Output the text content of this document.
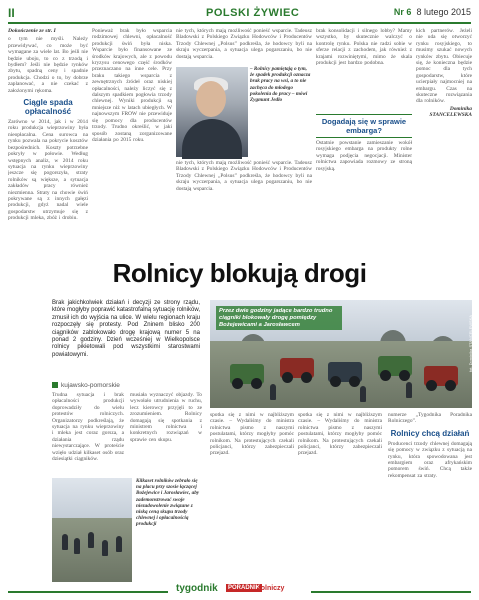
II	POLSKI ŻYWIEC	Nr 6 8 lutego 2015
Dokończenie ze str. I
o tym nie myśli. Należy przewidywać, co może być wymagane za wiele lat. Bo jeśli nie będzie uboju, to co z trzodą i bydłem? Jeśli nie będzie rynków zbytu, spadną ceny i spadnie produkcja. Chodzi o to, by dobrze zaplanować, a nie czekać z założonymi rękoma.
Ciągle spada opłacalność
Zarówno w 2014, jak i w 2014 roku produkcja wieprzowiny była nieopłacalna. Cena surowca na rynku pozwala na pokrycie kosztów bezpośrednich. Koszty potrzebne pokryły w połowie. Według wstępnych analiz, w 2014 roku sytuacja na rynku wieprzowiny jeszcze się pogorszyła, straty rolników są większe, a sytuacja zakładów pracy również niezmienna. Straty na chowie świń pokrywane są z innych gałęzi produkcji, gdyż nadal wiele gospodarstw utrzymuje się z produkcji mleka, zbóż i drobiu.
Ponieważ brak było wsparcia rodzimowej chlewni, opłacalność produkcji świń była niska. Wsparcie było finansowane ze środków krajowych, ale z powodu kryzysu cenowego część środków przeznaczano na inne cele. Przy braku takiego wsparcia z zewnętrznych źródeł oraz niskiej opłacalności, należy liczyć się z dalszym spadkiem pogłowia trzody chlewnej. Wyniki produkcji są mniejsze niż w latach ubiegłych. W najnowszym FROW nie przewiduje się pomocy dla producentów trzody. Trudno określić, w jaki sposób zostaną zorganizowane działania po 2015 roku.
nie tych, których mają możliwość ponieść wsparcie. Tadeusz Bladowski z Polskiego Związku Hodowców i Producentów Trzody Chlewnej „Polsus” podkreśla, że hodowcy byli na skraju wyczerpania, a sytuacja ulega pogarszaniu, bo nie dostają wsparcia.
– Rolnicy pamiętają o tym, że spadek produkcji oznacza brak pracy na wsi, a to nie zachęca do młodego pokolenia do pracy – mówi Zygmunt Jedlo
nie tych, których mają możliwość ponieść wsparcie. Tadeusz Bladowski z Polskiego Związku Hodowców i Producentów Trzody Chlewnej „Polsus” podkreśla, że hodowcy byli na skraju wyczerpania, a sytuacja ulega pogarszaniu, bo nie dostają wsparcia.
brak konsolidacji i silnego lobby? Mamy wszystko, by skutecznie walczyć o kontrolę rynku. Polska nie radzi sobie w sferze relacji z zachodem, jak również z krajami rozwiniętymi, mimo że skala produkcji jest bardzo podobna.
Dogadają się w sprawie embarga?
Ostatnie powstanie zamieszanie wokół rosyjskiego embarga na produkty rolne wymaga podjęcia negocjacji. Minister rolnictwa zapowiada rozmowy ze stroną rosyjską.
kich partnerów. Jeżeli nie uda się otworzyć rynku rosyjskiego, to musimy szukać nowych rynków zbytu. Obiecuje się, że konieczna będzie pomoc dla tych gospodarstw, które ucierpiały najmocniej na embargu. Czas na skuteczne rozwiązania dla rolników.
Dominika STANCELEWSKA
Rolnicy blokują drogi
Brak jakichkolwiek działań i decyzji ze strony rządu, które mogłyby poprawić katastrofalną sytuację rolników, zmusił ich do wyjścia na ulice. W wielu regionach kraju rozpoczęły się protesty. Pod Zninem blisko 200 ciągników zablokowało drogę krajową numer 5 na ponad 2 godziny. Dzień wcześniej w Wielkopolsce rolnicy pikietowali pod wszystkimi starostwami powiatowymi.
kujawsko-pomorskie
Przez dwie godziny jadące bardzo trudno ciągniki blokowały drogę pomiędzy Bożejewicami a Jarosławcem	fot. Dominika STANCELEWSKA
Trudna sytuacja i brak opłacalności produkcji doprowadziły do wielu protestów rolniczych. Organizatorzy podkreślają, że sytuacja na rynku wieprzowiny i mleka jest coraz gorsza, a działania rządu niewystarczające. W proteście wzięło udział kilkaset osób oraz dziesiątki ciągników.
musiała wyznaczyć objazdy. To wywołało utrudnienia w ruchu, lecz kierowcy przyjęli to ze zrozumieniem. Rolnicy domagają się spotkania z ministrem rolnictwa i konkretnych rozwiązań w sprawie cen skupu.
Kilkaset rolników zebrało się na placu przy szosie łączącej Bożejewice i Jarosławiec, aby zademonstrować swoje niezadowolenie związane z niską ceną skupu trzody chlewnej i opłacalnością produkcji
spotka się z nimi w najbliższym czasie. – Wydaliśmy do ministra rolnictwa pismo z naszymi postulatami, którzy mogłyby pomóc rolnikom. Na protestujących czekali policjanci, którzy zabezpieczali przejazd.
spotka się z nimi w najbliższym czasie. – Wydaliśmy do ministra rolnictwa pismo z naszymi postulatami, którzy mogłyby pomóc rolnikom. Na protestujących czekali policjanci, którzy zabezpieczali przejazd.
numerze „Tygodnika Poradnika Rolniczego”.
Rolnicy chcą działań
Producenci trzody chlewnej domagają się pomocy w związku z sytuacją na rynku, która spowodowana jest embargiem oraz afrykańskim pomorem świń. Chcą także rekompensat za straty.
tygodnik	PORADNIK
rolniczy
